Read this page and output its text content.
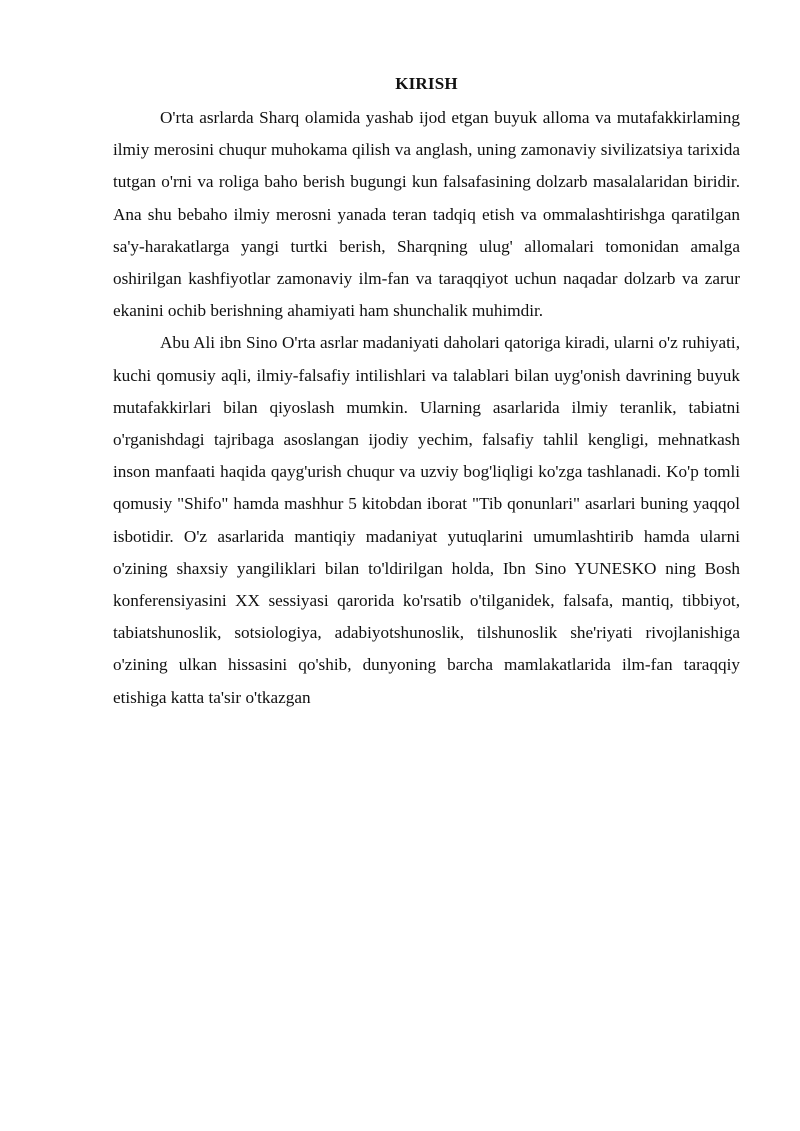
KIRISH

O'rta asrlarda Sharq olamida yashab ijod etgan buyuk alloma va mutafakkirlaming ilmiy merosini chuqur muhokama qilish va anglash, uning zamonaviy sivilizatsiya tarixida tutgan o'rni va roliga baho berish bugungi kun falsafasining dolzarb masalalaridan biridir. Ana shu bebaho ilmiy merosni yanada teran tadqiq etish va ommalashtirishga qaratilgan sa'y-harakatlarga yangi turtki berish, Sharqning ulug' allomalari tomonidan amalga oshirilgan kashfiyotlar zamonaviy ilm-fan va taraqqiyot uchun naqadar dolzarb va zarur ekanini ochib berishning ahamiyati ham shunchalik muhimdir.

Abu Ali ibn Sino O'rta asrlar madaniyati daholari qatoriga kiradi, ularni o'z ruhiyati, kuchi qomusiy aqli, ilmiy-falsafiy intilishlari va talablari bilan uyg'onish davrining buyuk mutafakkirlari bilan qiyoslash mumkin. Ularning asarlarida ilmiy teranlik, tabiatni o'rganishdagi tajribaga asoslangan ijodiy yechim, falsafiy tahlil kengligi, mehnatkash inson manfaati haqida qayg'urish chuqur va uzviy bog'liqligi ko'zga tashlanadi. Ko'p tomli qomusiy "Shifo" hamda mashhur 5 kitobdan iborat "Tib qonunlari" asarlari buning yaqqol isbotidir. O'z asarlarida mantiqiy madaniyat yutuqlarini umumlashtirib hamda ularni o'zining shaxsiy yangiliklari bilan to'ldirilgan holda, Ibn Sino YUNESKO ning Bosh konferensiyasini XX sessiyasi qarorida ko'rsatib o'tilganidek, falsafa, mantiq, tibbiyot, tabiatshunoslik, sotsiologiya, adabiyotshunoslik, tilshunoslik she'riyati rivojlanishiga o'zining ulkan hissasini qo'shib, dunyoning barcha mamlakatlarida ilm-fan taraqqiy etishiga katta ta'sir o'tkazgan
